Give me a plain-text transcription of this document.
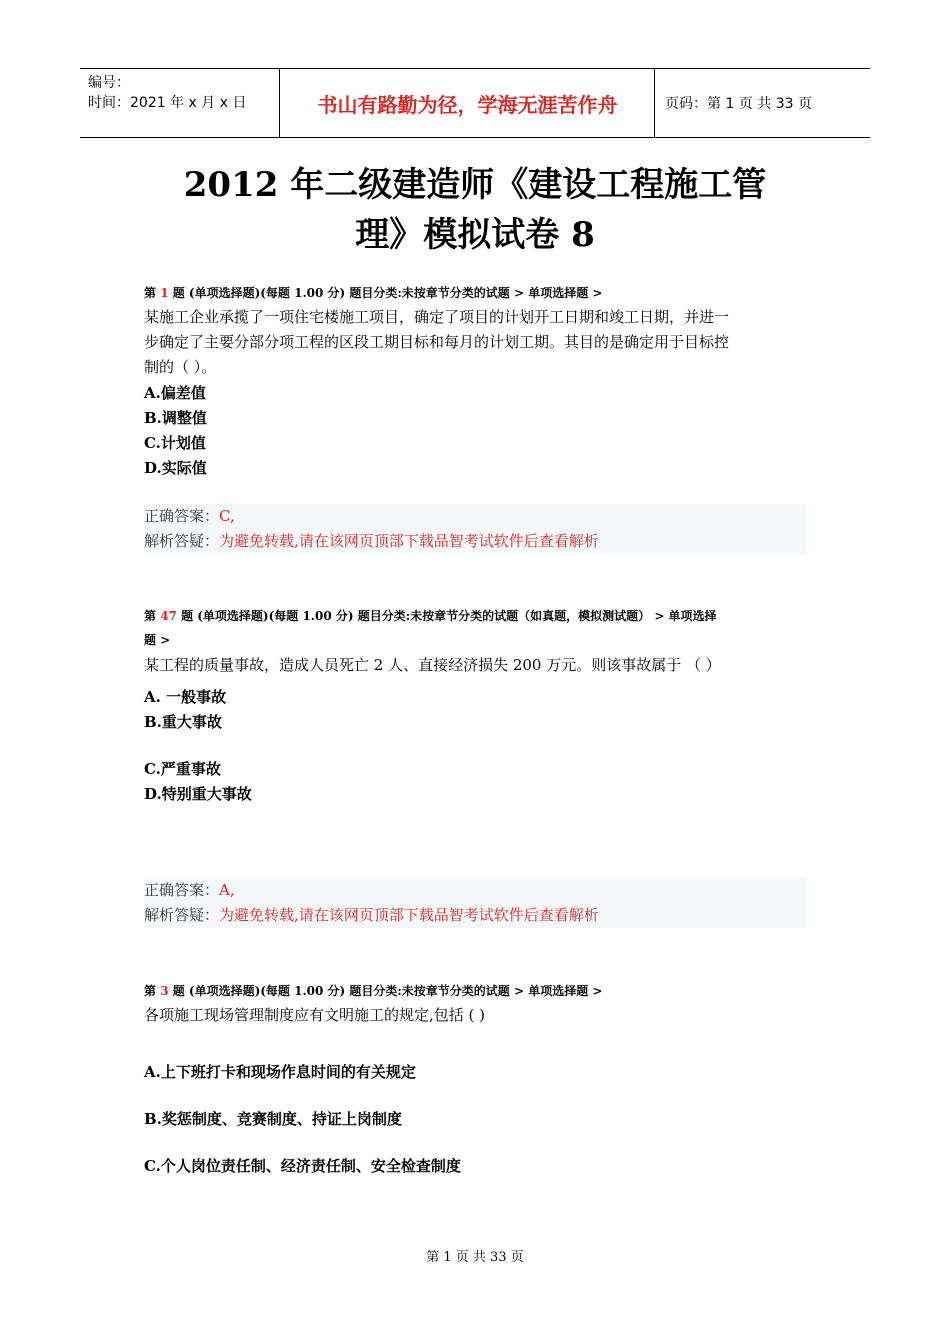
编号：
时间：2021 年 x 月 x 日	书山有路勤为径，学海无涯苦作舟	页码：第 1 页 共 33 页
2012 年二级建造师《建设工程施工管
理》模拟试卷 8
第 1 题 (单项选择题)(每题 1.00 分) 题目分类:未按章节分类的试题 > 单项选择题 >
某施工企业承揽了一项住宅楼施工项目，确定了项目的计划开工日期和竣工日期，并进一
步确定了主要分部分项工程的区段工期目标和每月的计划工期。其目的是确定用于目标控
制的（ ）。
A.偏差值
B.调整值
C.计划值
D.实际值
正确答案：C,
解析答疑：为避免转载,请在该网页顶部下载品智考试软件后查看解析
第 47 题 (单项选择题)(每题 1.00 分) 题目分类:未按章节分类的试题（如真题，模拟测试题） > 单项选择
题 >
某工程的质量事故，造成人员死亡 2 人、直接经济损失 200 万元。则该事故属于 （ ）
A. 一般事故
B.重大事故
C.严重事故
D.特别重大事故
正确答案：A,
解析答疑：为避免转载,请在该网页顶部下载品智考试软件后查看解析
第 3 题 (单项选择题)(每题 1.00 分) 题目分类:未按章节分类的试题 > 单项选择题 >
各项施工现场管理制度应有文明施工的规定,包括 ( )
A.上下班打卡和现场作息时间的有关规定
B.奖惩制度、竞赛制度、持证上岗制度
C.个人岗位责任制、经济责任制、安全检查制度
第 1 页 共 33 页
